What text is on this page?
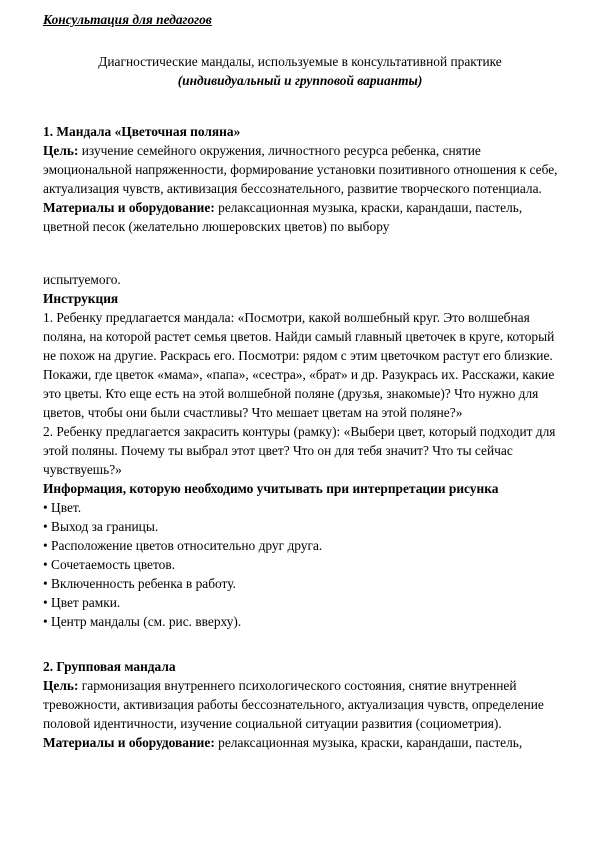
Консультация для педагогов

Диагностические мандалы, используемые в консультативной практике

(индивидуальный и групповой варианты)

1. Мандала «Цветочная поляна»

Цель: изучение семейного окружения, личностного ресурса ребенка, снятие эмоциональной напряженности, формирование установки позитивного отношения к себе, актуализация чувств, активизация бессознательного, развитие творческого потенциала.

Материалы и оборудование: релаксационная музыка, краски, карандаши, пастель, цветной песок (желательно люшеровских цветов) по выбору

испытуемого.

Инструкция

1. Ребенку предлагается мандала: «Посмотри, какой волшебный круг. Это волшебная поляна, на которой растет семья цветов. Найди самый главный цветочек в круге, который не похож на другие. Раскрась его. Посмотри: рядом с этим цветочком растут его близкие. Покажи, где цветок «мама», «папа», «сестра», «брат» и др. Разукрась их. Расскажи, какие это цветы. Кто еще есть на этой волшебной поляне (друзья, знакомые)? Что нужно для цветов, чтобы они были счастливы? Что мешает цветам на этой поляне?»

2. Ребенку предлагается закрасить контуры (рамку): «Выбери цвет, который подходит для этой поляны. Почему ты выбрал этот цвет? Что он для тебя значит? Что ты сейчас чувствуешь?»

Информация, которую необходимо учитывать при интерпретации рисунка

• Цвет.

• Выход за границы.

• Расположение цветов относительно друг друга.

• Сочетаемость цветов.

• Включенность ребенка в работу.

• Цвет рамки.

• Центр мандалы (см. рис. вверху).

2. Групповая мандала

Цель: гармонизация внутреннего психологического состояния, снятие внутренней тревожности, активизация работы бессознательного, актуализация чувств, определение половой идентичности, изучение социальной ситуации развития (социометрия).

Материалы и оборудование: релаксационная музыка, краски, карандаши, пастель,
